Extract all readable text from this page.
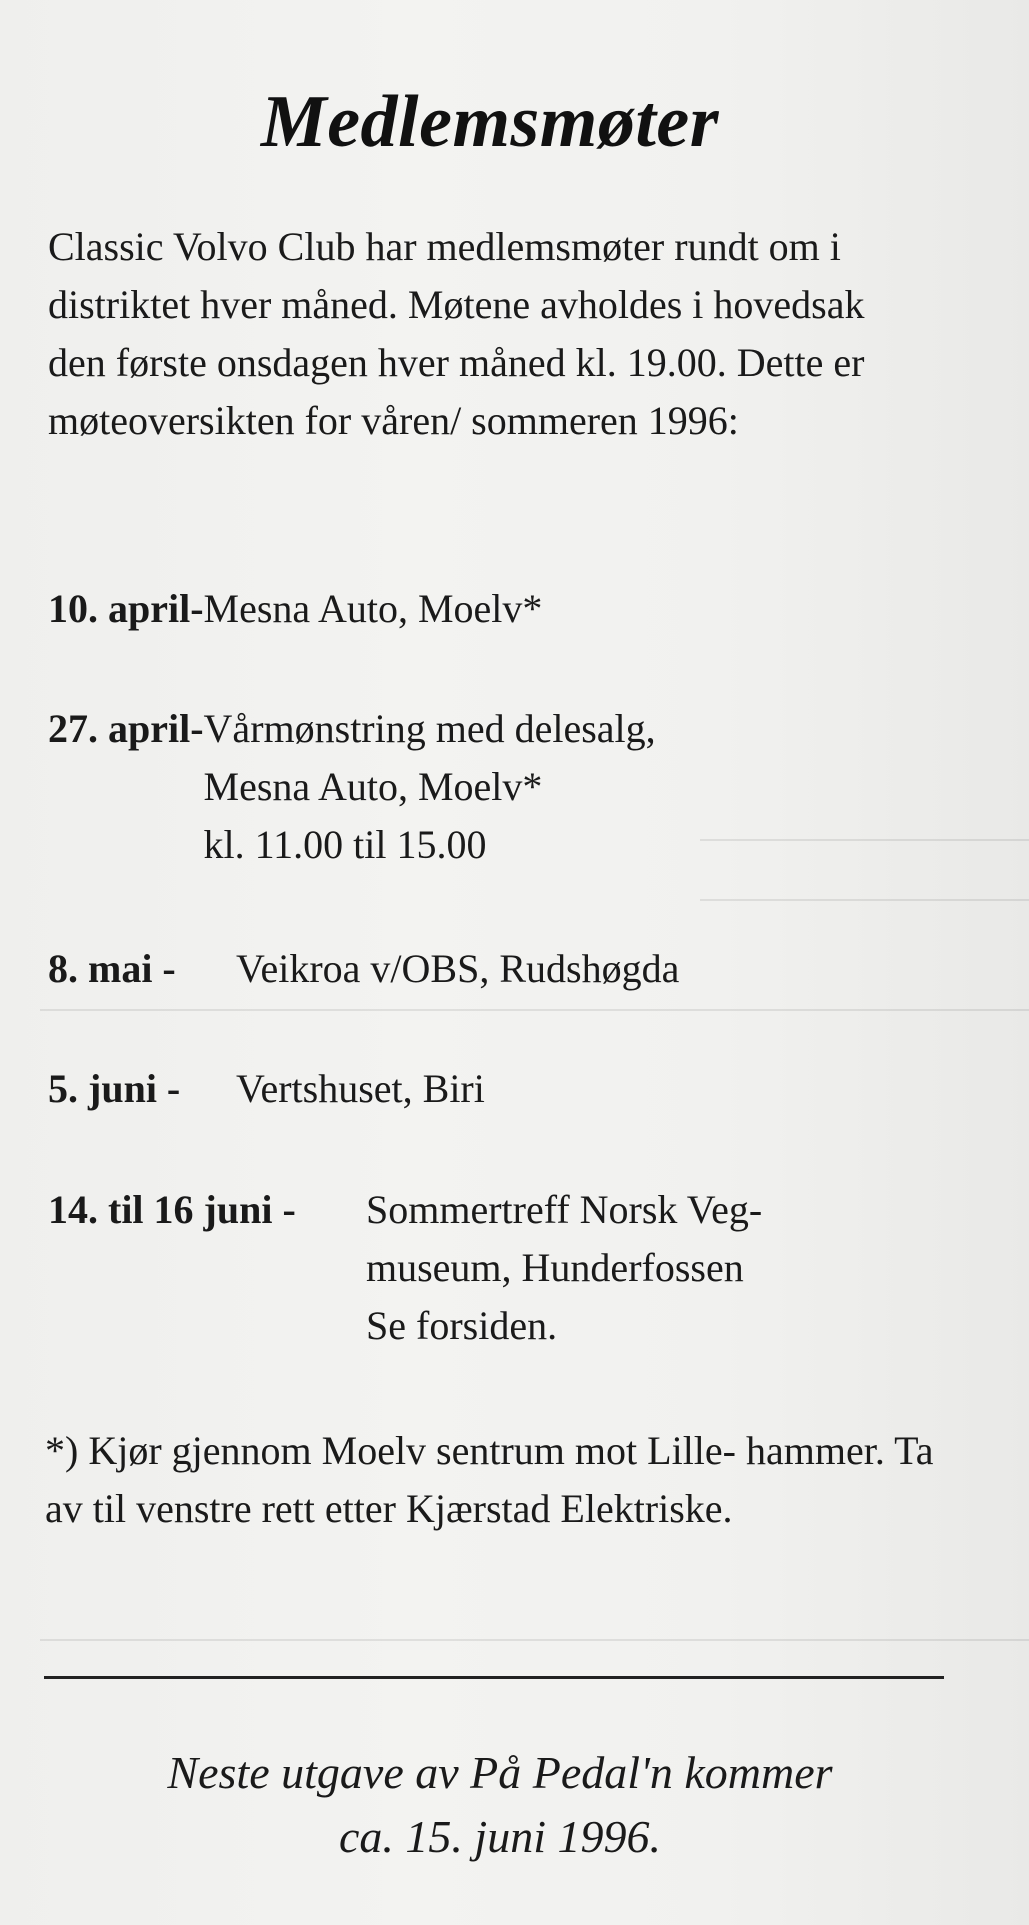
Medlemsmøter

Classic Volvo Club har medlemsmøter rundt om i distriktet hver måned. Møtene avholdes i hovedsak den første onsdagen hver måned kl. 19.00. Dette er møteoversikten for våren/ sommeren 1996:

10. april- Mesna Auto, Moelv*
27. april- Vårmønstring med delesalg,
Mesna Auto, Moelv*
kl. 11.00 til 15.00
8. mai -	Veikroa v/OBS, Rudshøgda
5. juni -	Vertshuset, Biri
14. til 16 juni -	Sommertreff Norsk Veg-
museum, Hunderfossen
Se forsiden.

*) Kjør gjennom Moelv sentrum mot Lille- hammer. Ta av til venstre rett etter Kjærstad Elektriske.

Neste utgave av På Pedal'n kommer
ca. 15. juni 1996.
